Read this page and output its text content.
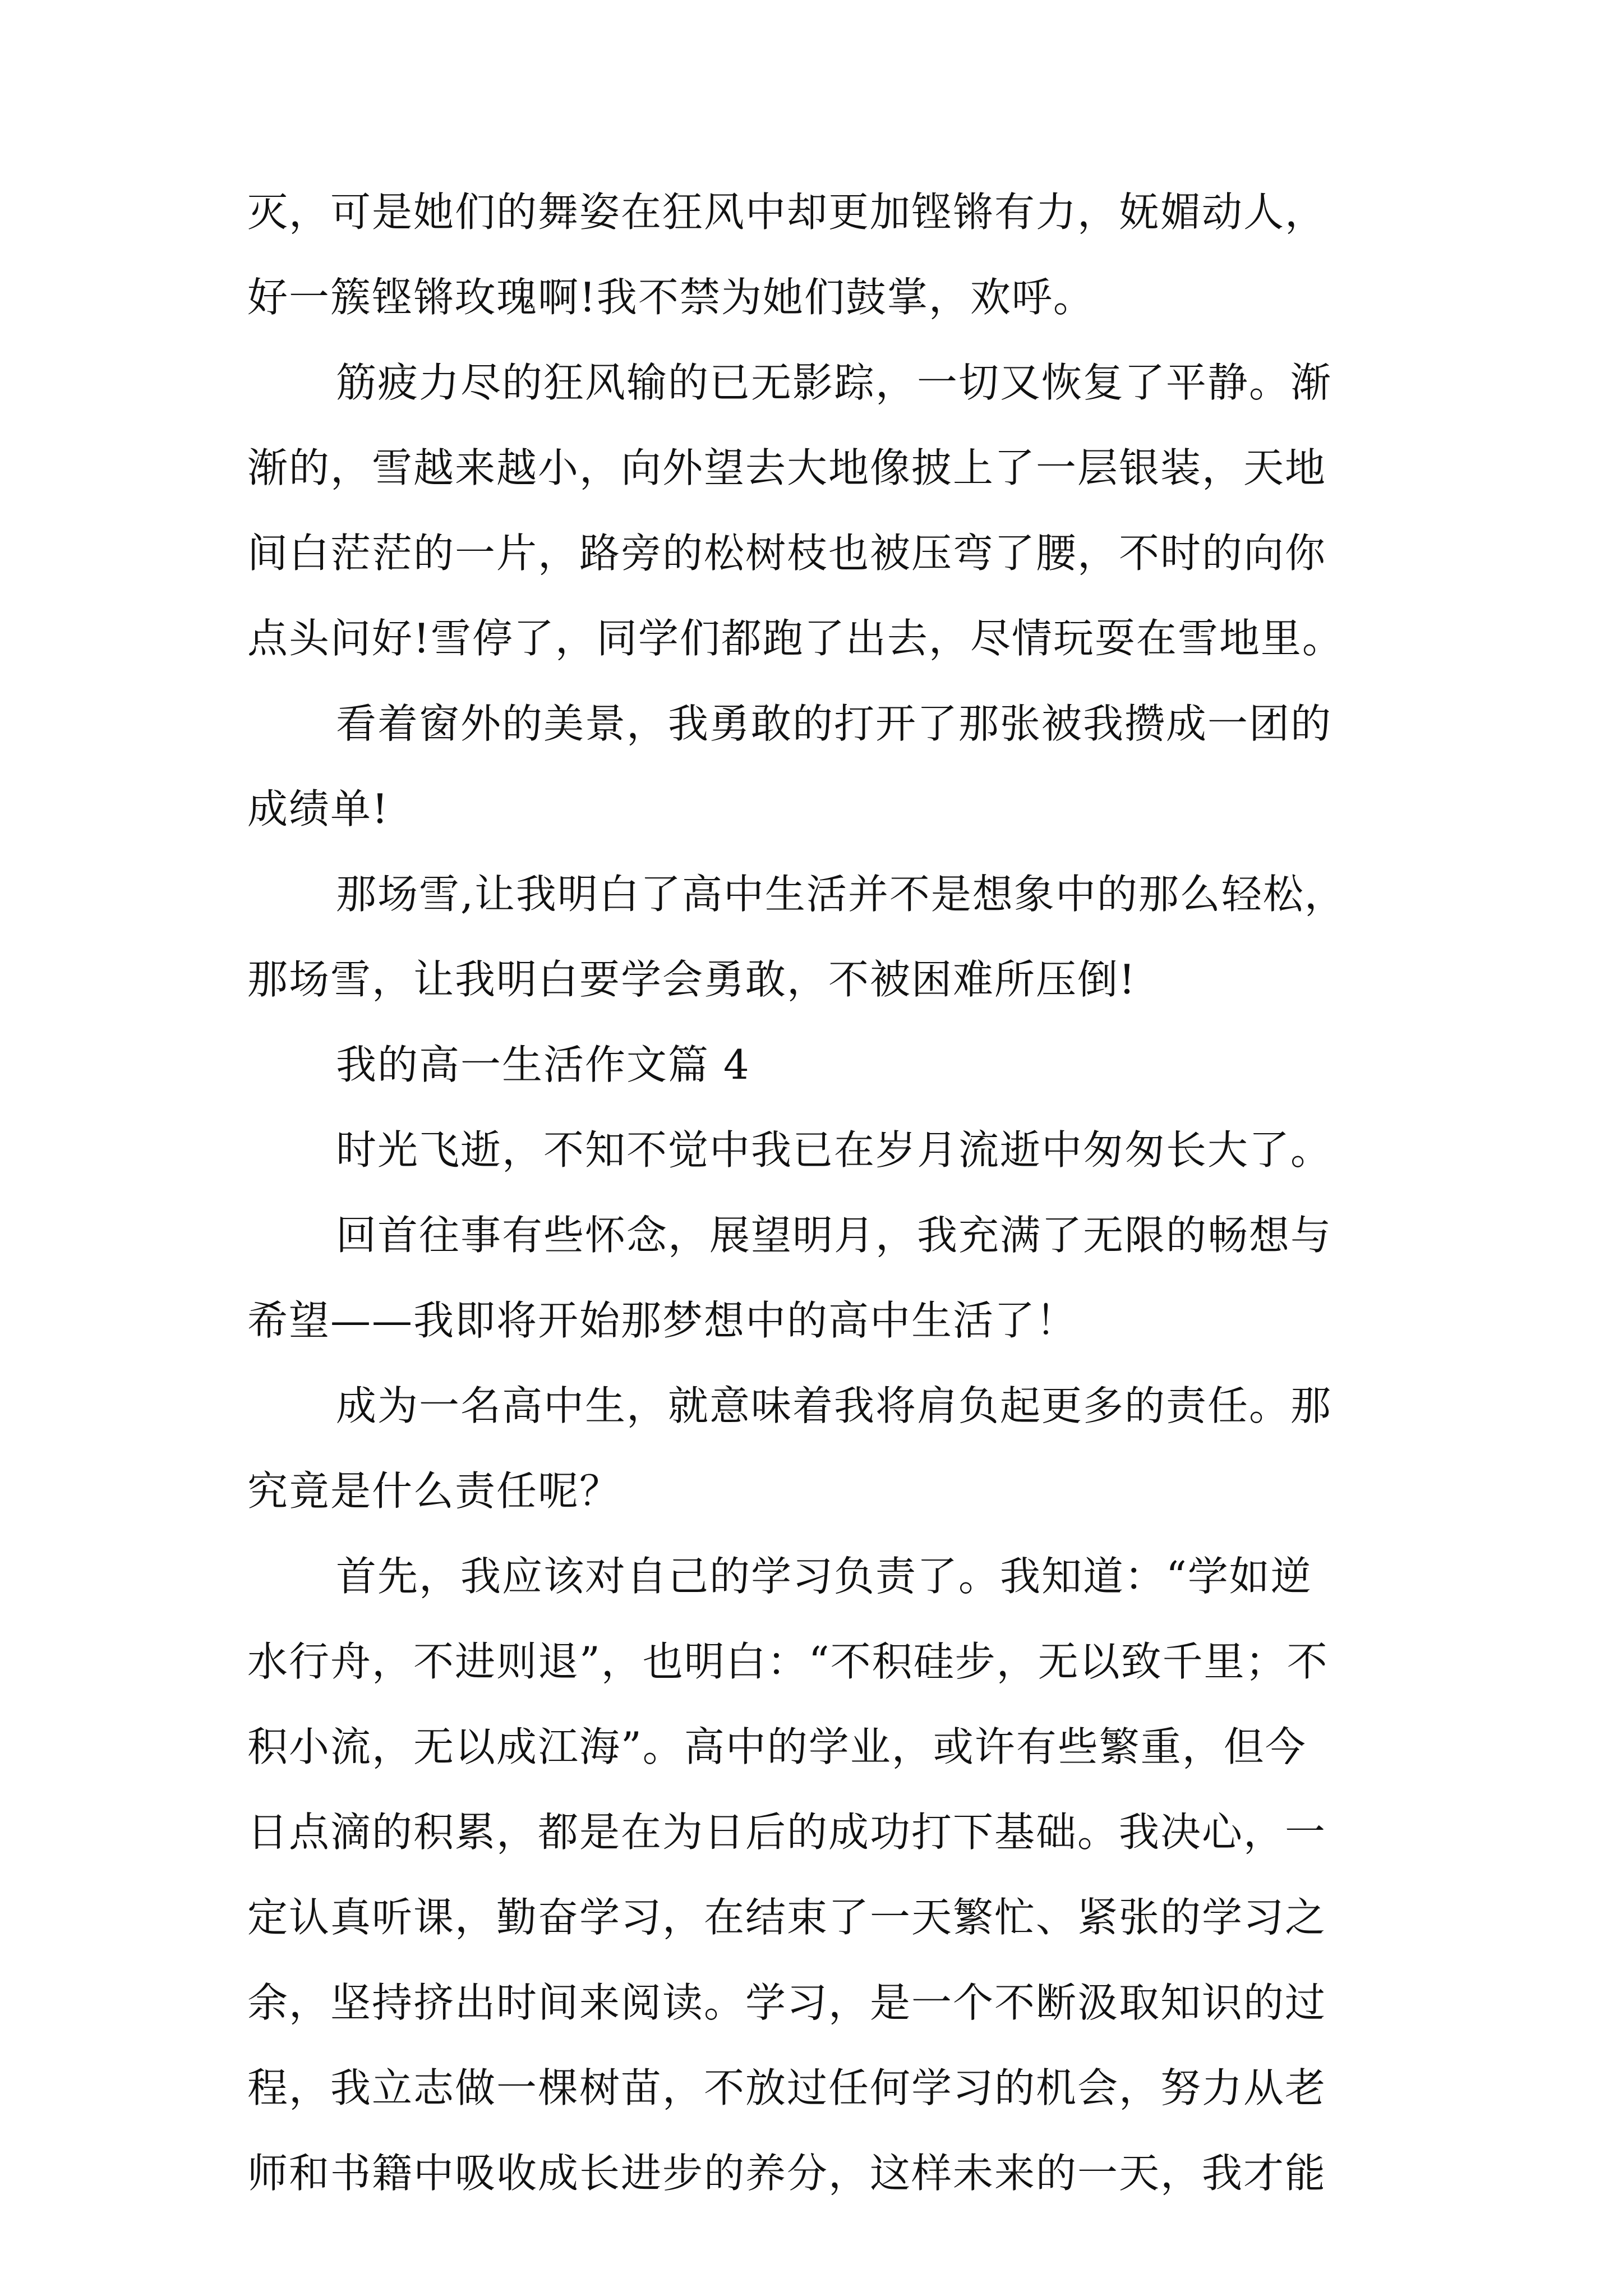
灭，可是她们的舞姿在狂风中却更加铿锵有力，妩媚动人，
好一簇铿锵玫瑰啊!我不禁为她们鼓掌，欢呼。
筋疲力尽的狂风输的已无影踪，一切又恢复了平静。渐
渐的，雪越来越小，向外望去大地像披上了一层银装，天地
间白茫茫的一片，路旁的松树枝也被压弯了腰，不时的向你
点头问好!雪停了，同学们都跑了出去，尽情玩耍在雪地里。
看着窗外的美景，我勇敢的打开了那张被我攒成一团的
成绩单!
那场雪,让我明白了高中生活并不是想象中的那么轻松，
那场雪，让我明白要学会勇敢，不被困难所压倒!
我的高一生活作文篇 4
时光飞逝，不知不觉中我已在岁月流逝中匆匆长大了。
回首往事有些怀念，展望明月，我充满了无限的畅想与
希望——我即将开始那梦想中的高中生活了！
成为一名高中生，就意味着我将肩负起更多的责任。那
究竟是什么责任呢？
首先，我应该对自己的学习负责了。我知道：“学如逆
水行舟，不进则退”，也明白：“不积硅步，无以致千里；不
积小流，无以成江海”。高中的学业，或许有些繁重，但今
日点滴的积累，都是在为日后的成功打下基础。我决心，一
定认真听课，勤奋学习，在结束了一天繁忙、紧张的学习之
余，坚持挤出时间来阅读。学习，是一个不断汲取知识的过
程，我立志做一棵树苗，不放过任何学习的机会，努力从老
师和书籍中吸收成长进步的养分，这样未来的一天，我才能
